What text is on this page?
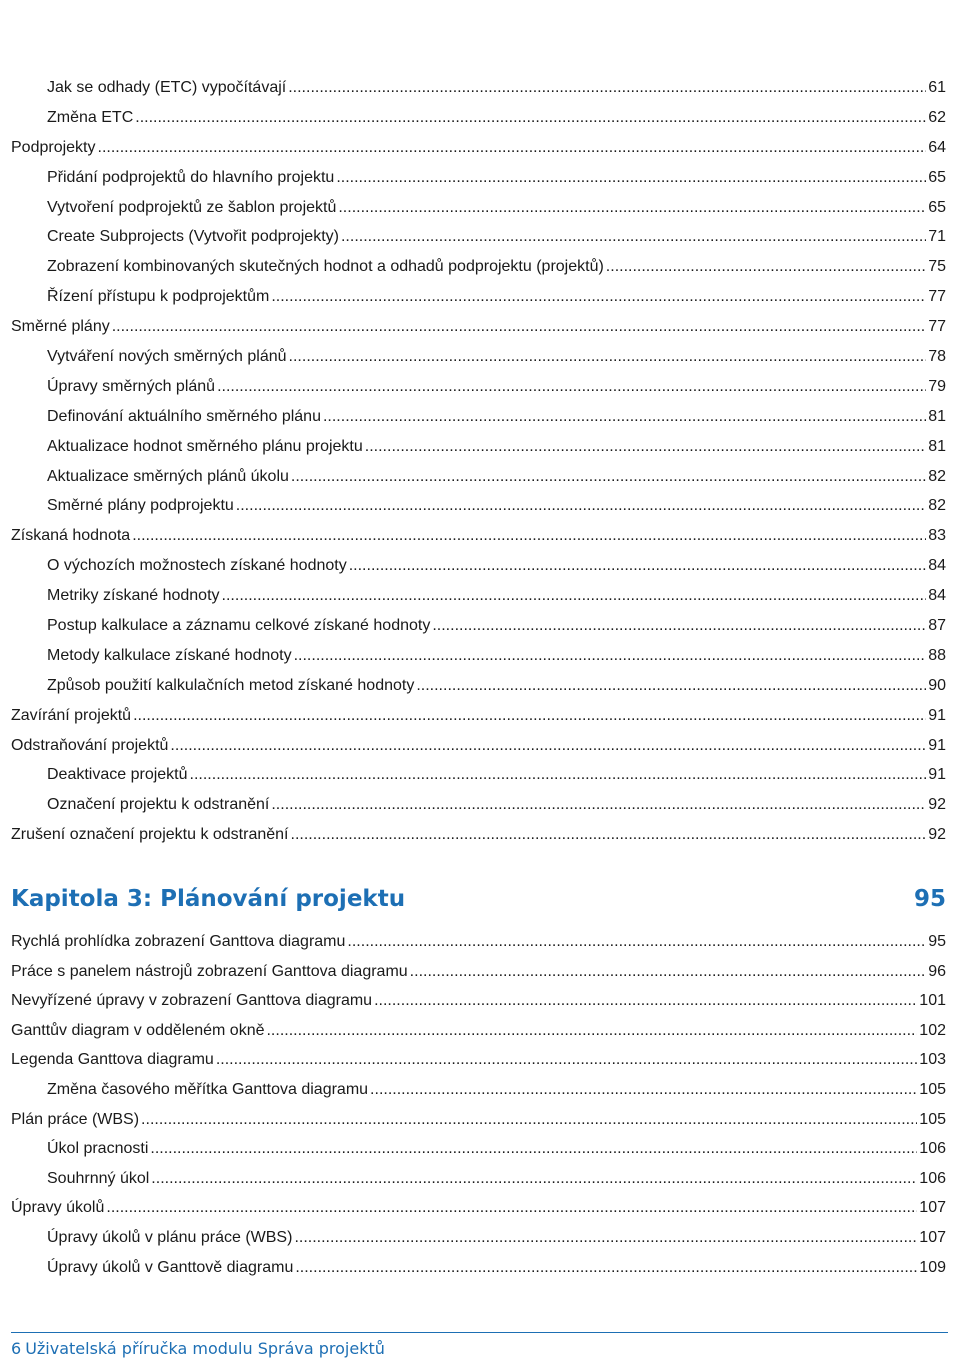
Jak se odhady (ETC) vypočítávají .....	61
Změna ETC .....	62
Podprojekty .....	64
Přidání podprojektů do hlavního projektu .....	65
Vytvoření podprojektů ze šablon projektů .....	65
Create Subprojects (Vytvořit podprojekty) .....	71
Zobrazení kombinovaných skutečných hodnot a odhadů podprojektu (projektů) .....	75
Řízení přístupu k podprojektům .....	77
Směrné plány .....	77
Vytváření nových směrných plánů .....	78
Úpravy směrných plánů .....	79
Definování aktuálního směrného plánu .....	81
Aktualizace hodnot směrného plánu projektu .....	81
Aktualizace směrných plánů úkolu .....	82
Směrné plány podprojektu .....	82
Získaná hodnota .....	83
O výchozích možnostech získané hodnoty .....	84
Metriky získané hodnoty .....	84
Postup kalkulace a záznamu celkové získané hodnoty .....	87
Metody kalkulace získané hodnoty .....	88
Způsob použití kalkulačních metod získané hodnoty .....	90
Zavírání projektů .....	91
Odstraňování projektů .....	91
Deaktivace projektů .....	91
Označení projektu k odstranění .....	92
Zrušení označení projektu k odstranění .....	92
Kapitola 3: Plánování projektu	95
Rychlá prohlídka zobrazení Ganttova diagramu .....	95
Práce s panelem nástrojů zobrazení Ganttova diagramu .....	96
Nevyřízené úpravy v zobrazení Ganttova diagramu .....	101
Ganttův diagram v odděleném okně .....	102
Legenda Ganttova diagramu .....	103
Změna časového měřítka Ganttova diagramu .....	105
Plán práce (WBS) .....	105
Úkol pracnosti .....	106
Souhrnný úkol .....	106
Úpravy úkolů .....	107
Úpravy úkolů v plánu práce (WBS) .....	107
Úpravy úkolů v Ganttově diagramu .....	109
6 Uživatelská příručka modulu Správa projektů
